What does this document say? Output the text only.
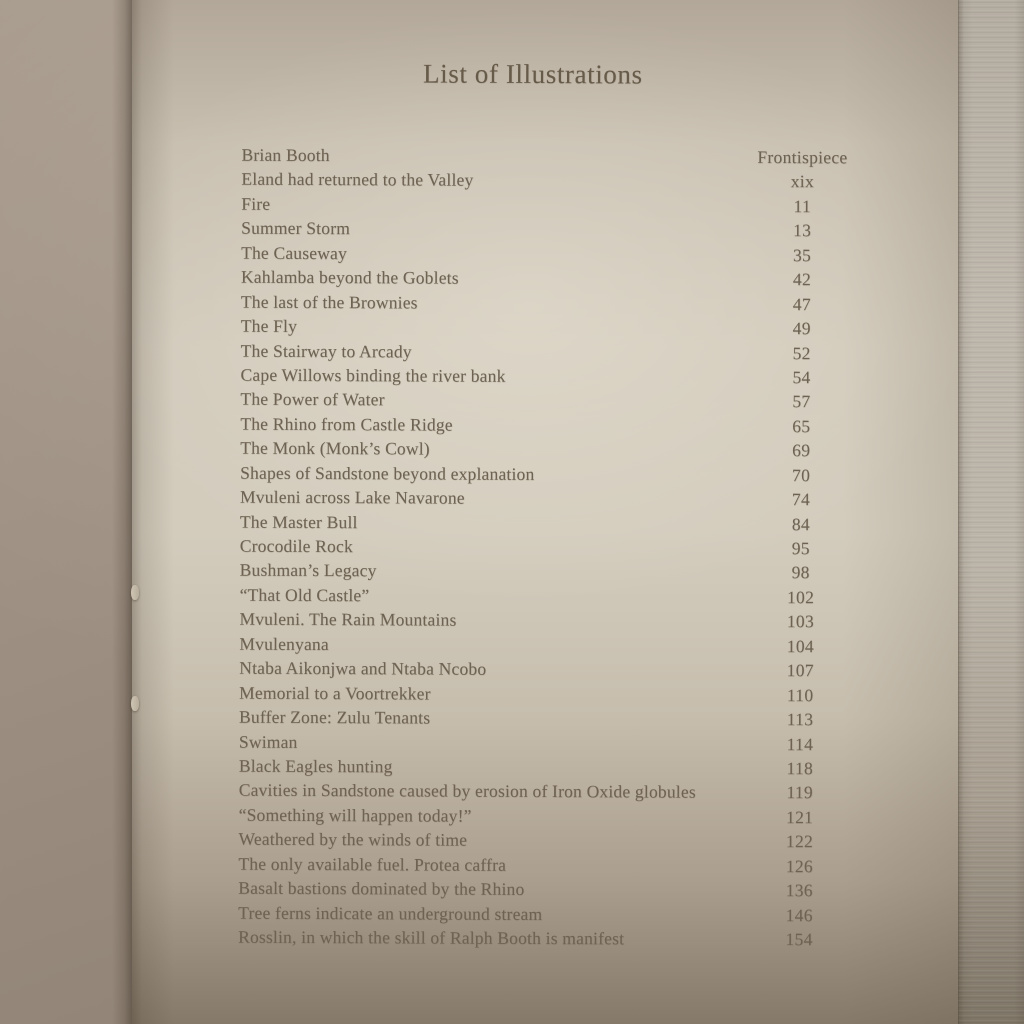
List of Illustrations
Brian Booth	Frontispiece
Eland had returned to the Valley	xix
Fire	11
Summer Storm	13
The Causeway	35
Kahlamba beyond the Goblets	42
The last of the Brownies	47
The Fly	49
The Stairway to Arcady	52
Cape Willows binding the river bank	54
The Power of Water	57
The Rhino from Castle Ridge	65
The Monk (Monk’s Cowl)	69
Shapes of Sandstone beyond explanation	70
Mvuleni across Lake Navarone	74
The Master Bull	84
Crocodile Rock	95
Bushman’s Legacy	98
“That Old Castle”	102
Mvuleni. The Rain Mountains	103
Mvulenyana	104
Ntaba Aikonjwa and Ntaba Ncobo	107
Memorial to a Voortrekker	110
Buffer Zone: Zulu Tenants	113
Swiman	114
Black Eagles hunting	118
Cavities in Sandstone caused by erosion of Iron Oxide globules	119
“Something will happen today!”	121
Weathered by the winds of time	122
The only available fuel. Protea caffra	126
Basalt bastions dominated by the Rhino	136
Tree ferns indicate an underground stream	146
Rosslin, in which the skill of Ralph Booth is manifest	154
